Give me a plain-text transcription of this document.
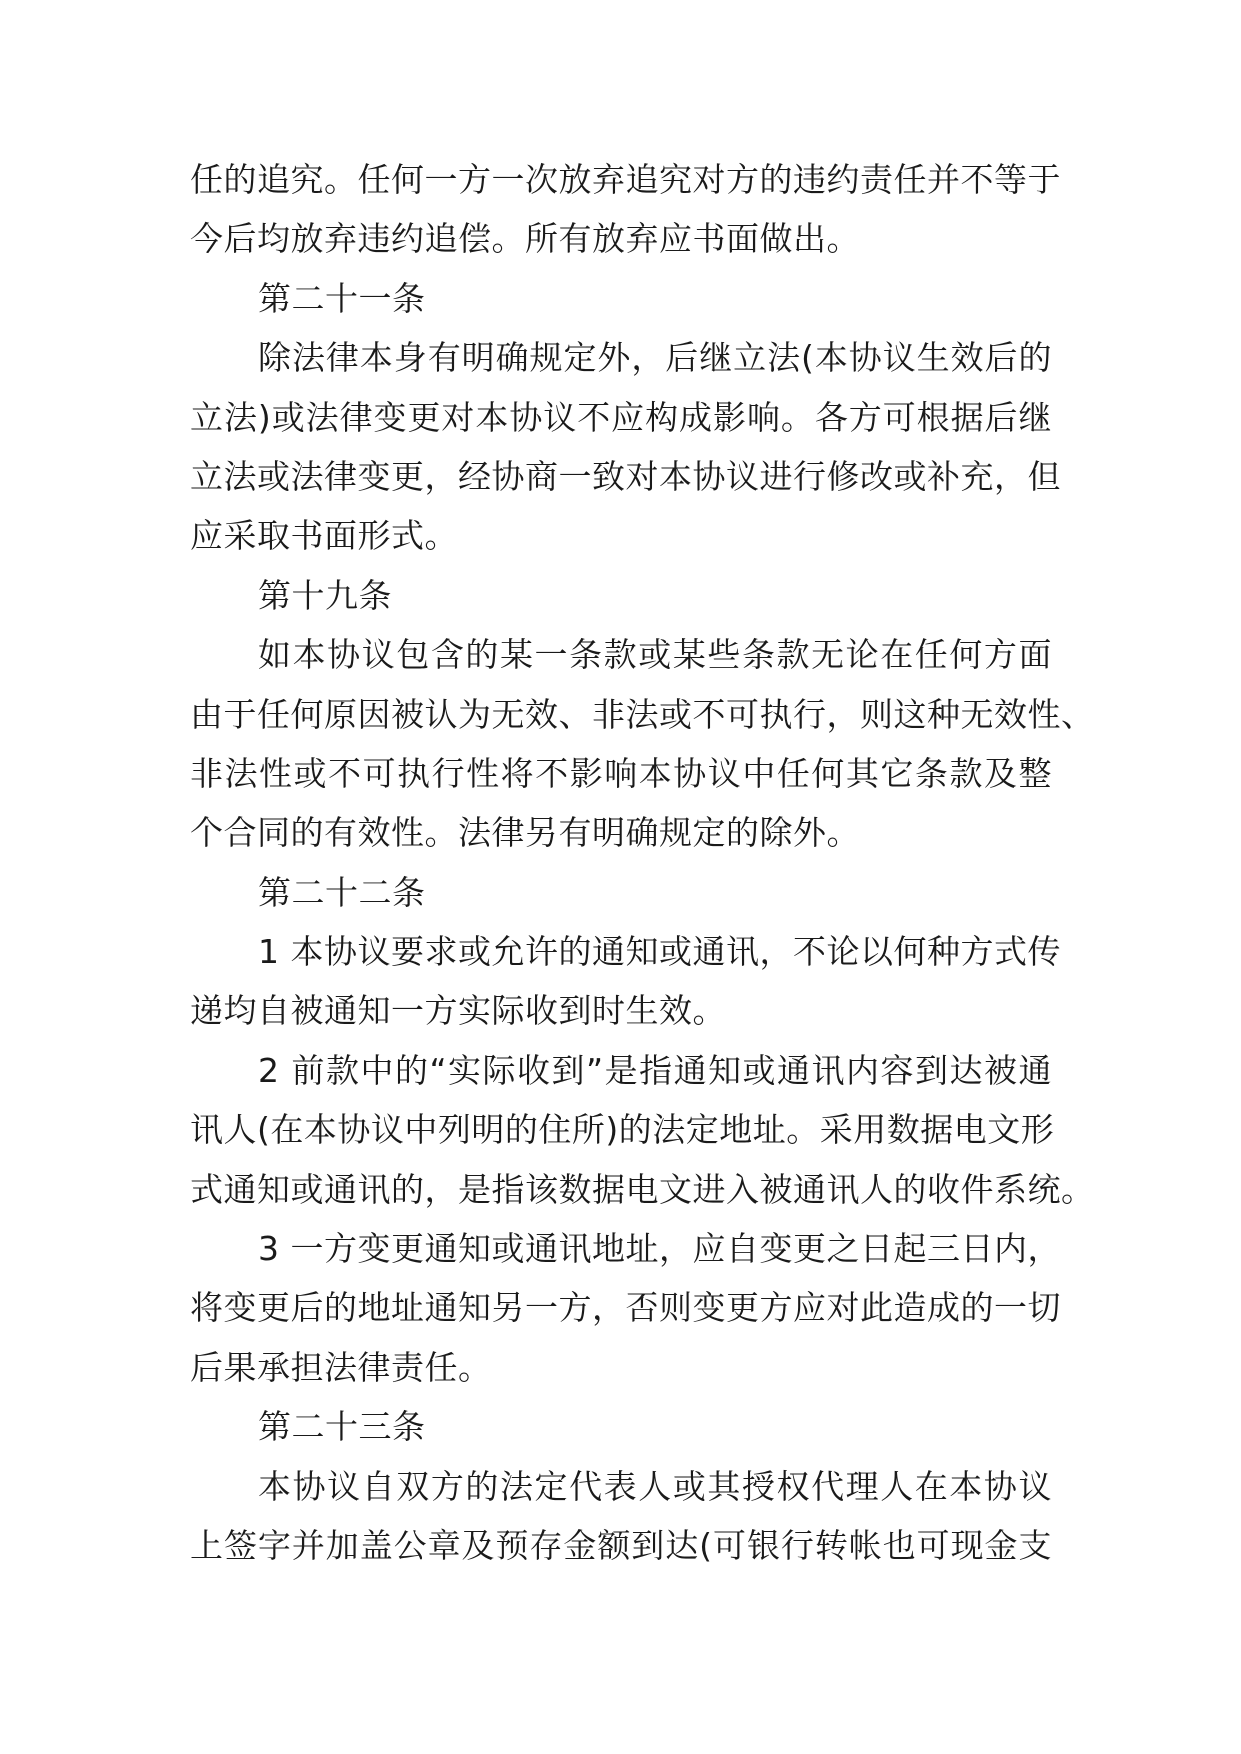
任的追究。任何一方一次放弃追究对方的违约责任并不等于
今后均放弃违约追偿。所有放弃应书面做出。
第二十一条
除法律本身有明确规定外，后继立法(本协议生效后的
立法)或法律变更对本协议不应构成影响。各方可根据后继
立法或法律变更，经协商一致对本协议进行修改或补充，但
应采取书面形式。
第十九条
如本协议包含的某一条款或某些条款无论在任何方面
由于任何原因被认为无效、非法或不可执行，则这种无效性、
非法性或不可执行性将不影响本协议中任何其它条款及整
个合同的有效性。法律另有明确规定的除外。
第二十二条
1 本协议要求或允许的通知或通讯，不论以何种方式传
递均自被通知一方实际收到时生效。
2 前款中的“实际收到”是指通知或通讯内容到达被通
讯人(在本协议中列明的住所)的法定地址。采用数据电文形
式通知或通讯的，是指该数据电文进入被通讯人的收件系统。
3 一方变更通知或通讯地址，应自变更之日起三日内，
将变更后的地址通知另一方，否则变更方应对此造成的一切
后果承担法律责任。
第二十三条
本协议自双方的法定代表人或其授权代理人在本协议
上签字并加盖公章及预存金额到达(可银行转帐也可现金支
